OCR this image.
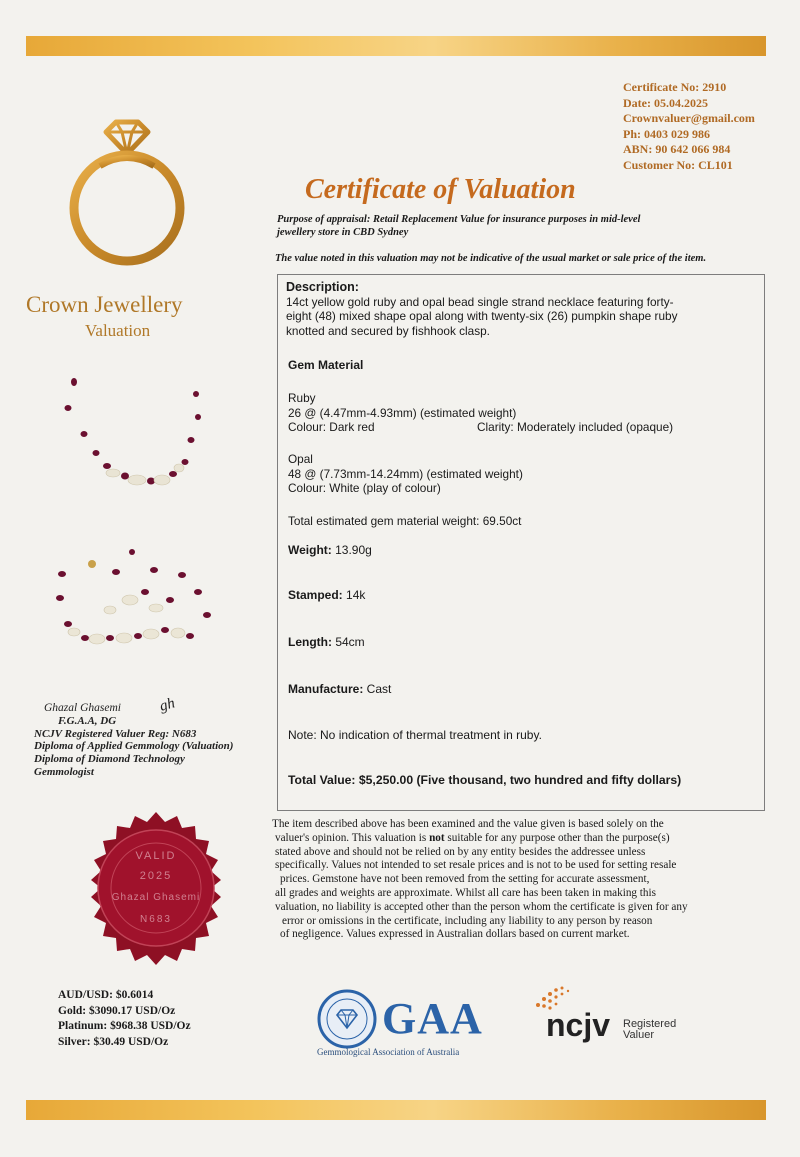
Certificate No: 2910
Date: 05.04.2025
Crownvaluer@gmail.com
Ph: 0403 029 986
ABN: 90 642 066 984
Customer No: CL101
Crown Jewellery
Valuation
Certificate of Valuation
Purpose of appraisal: Retail Replacement Value for insurance purposes in mid-level
jewellery store in CBD Sydney
The value noted in this valuation may not be indicative of the usual market or sale price of the item.
Description:
14ct yellow gold ruby and opal bead single strand necklace featuring forty-
eight (48) mixed shape opal along with twenty-six (26) pumpkin shape ruby
knotted and secured by fishhook clasp.
Gem Material
Ruby
26 @ (4.47mm-4.93mm) (estimated weight)
Colour: Dark red	Clarity: Moderately included (opaque)
Opal
48 @ (7.73mm-14.24mm) (estimated weight)
Colour: White (play of colour)
Total estimated gem material weight: 69.50ct
Weight: 13.90g
Stamped: 14k
Length: 54cm
Manufacture: Cast
Note: No indication of thermal treatment in ruby.
Total Value: $5,250.00 (Five thousand, two hundred and fifty dollars)
Ghazal Ghasemi
F.G.A.A, DG
NCJV Registered Valuer Reg: N683
Diploma of Applied Gemmology (Valuation)
Diploma of Diamond Technology
Gemmologist
gh
VALID
2025
Ghazal Ghasemi
N683
The item described above has been examined and the value given is based solely on the
valuer's opinion. This valuation is not suitable for any purpose other than the purpose(s)
stated above and should not be relied on by any entity besides the addressee unless
specifically. Values not intended to set resale prices and is not to be used for setting resale
prices. Gemstone have not been removed from the setting for accurate assessment,
all grades and weights are approximate. Whilst all care has been taken in making this
valuation, no liability is accepted other than the person whom the certificate is given for any
error or omissions in the certificate, including any liability to any person by reason
of negligence. Values expressed in Australian dollars based on current market.
AUD/USD: $0.6014
Gold: $3090.17 USD/Oz
Platinum: $968.38 USD/Oz
Silver: $30.49 USD/Oz	GAA
Gemmological Association of Australia
ncjv Registered
Valuer
